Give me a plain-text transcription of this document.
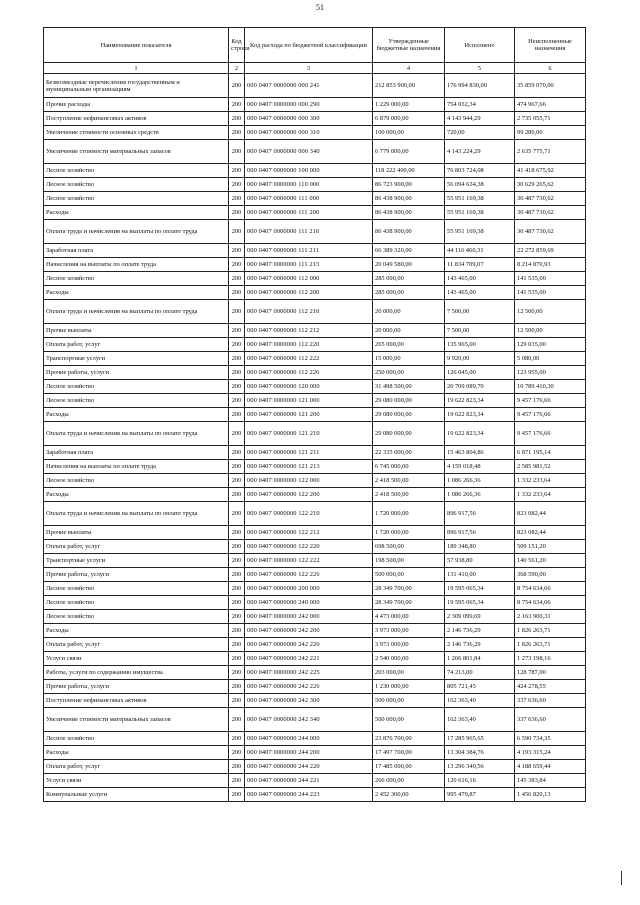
51
Наименование показателя	Код строки	Код расхода по бюджетной классификации	Утвержденные бюджетные назначения	Исполнено	Неисполненные назначения
1	2	3	4	5	6
Безвозмездные перечисления государственным и муниципальным организациям	200	000 0407 0000000 000 241	212 853 900,00	176 994 830,00	35 859 070,00
Прочие расходы	200	000 0407 0000000 000 290	1 229 000,00	754 032,34	474 967,66
Поступление нефинансовых активов	200	000 0407 0000000 000 300	6 879 000,00	4 143 944,29	2 735 055,71
Увеличение стоимости основных средств	200	000 0407 0000000 000 310	100 000,00	720,00	99 280,00
Увеличение стоимости материальных запасов	200	000 0407 0000000 000 340	6 779 000,00	4 143 224,29	2 635 775,71
Лесное хозяйство	200	000 0407 0000000 100 000	118 222 400,00	76 803 724,08	41 418 675,92
Лесное хозяйство	200	000 0407 0000000 110 000	86 723 900,00	56 094 634,38	30 629 265,62
Лесное хозяйство	200	000 0407 0000000 111 000	86 438 900,00	55 951 169,38	30 487 730,62
Расходы	200	000 0407 0000000 111 200	86 438 900,00	55 951 169,38	30 487 730,62
Оплата труда и начисления на выплаты по оплате труда	200	000 0407 0000000 111 210	86 438 900,00	55 951 169,38	30 487 730,62
Заработная плата	200	000 0407 0000000 111 211	66 389 320,00	44 116 460,31	22 272 859,69
Начисления на выплаты по оплате труда	200	000 0407 0000000 111 213	20 049 580,00	11 834 709,07	8 214 870,93
Лесное хозяйство	200	000 0407 0000000 112 000	285 000,00	143 465,00	141 535,00
Расходы	200	000 0407 0000000 112 200	285 000,00	143 465,00	141 535,00
Оплата труда и начисления на выплаты по оплате труда	200	000 0407 0000000 112 210	20 000,00	7 500,00	12 500,00
Прочие выплаты	200	000 0407 0000000 112 212	20 000,00	7 500,00	12 500,00
Оплата работ, услуг	200	000 0407 0000000 112 220	265 000,00	135 965,00	129 035,00
Транспортные услуги	200	000 0407 0000000 112 222	15 000,00	9 920,00	5 080,00
Прочие работы, услуги	200	000 0407 0000000 112 226	250 000,00	126 045,00	123 955,00
Лесное хозяйство	200	000 0407 0000000 120 000	31 498 500,00	20 709 089,70	10 789 410,30
Лесное хозяйство	200	000 0407 0000000 121 000	29 080 000,00	19 622 823,34	9 457 176,66
Расходы	200	000 0407 0000000 121 200	29 080 000,00	19 622 823,34	9 457 176,66
Оплата труда и начисления на выплаты по оплате труда	200	000 0407 0000000 121 210	29 080 000,00	19 622 823,34	9 457 176,66
Заработная плата	200	000 0407 0000000 121 211	22 335 000,00	15 463 804,86	6 871 195,14
Начисления на выплаты по оплате труда	200	000 0407 0000000 121 213	6 745 000,00	4 159 018,48	2 585 981,52
Лесное хозяйство	200	000 0407 0000000 122 000	2 418 500,00	1 086 266,36	1 332 233,64
Расходы	200	000 0407 0000000 122 200	2 418 500,00	1 086 266,36	1 332 233,64
Оплата труда и начисления на выплаты по оплате труда	200	000 0407 0000000 122 210	1 720 000,00	896 917,56	823 082,44
Прочие выплаты	200	000 0407 0000000 122 212	1 720 000,00	896 917,56	823 082,44
Оплата работ, услуг	200	000 0407 0000000 122 220	698 500,00	189 348,80	509 151,20
Транспортные услуги	200	000 0407 0000000 122 222	198 500,00	57 938,80	140 561,20
Прочие работы, услуги	200	000 0407 0000000 122 226	500 000,00	131 410,00	368 590,00
Лесное хозяйство	200	000 0407 0000000 200 000	28 349 700,00	19 595 065,34	8 754 634,66
Лесное хозяйство	200	000 0407 0000000 240 000	28 349 700,00	19 595 065,34	8 754 634,66
Лесное хозяйство	200	000 0407 0000000 242 000	4 473 000,00	2 309 099,69	2 163 900,31
Расходы	200	000 0407 0000000 242 200	3 973 000,00	2 146 736,29	1 826 263,71
Оплата работ, услуг	200	000 0407 0000000 242 220	3 973 000,00	2 146 736,29	1 826 263,71
Услуги связи	200	000 0407 0000000 242 221	2 540 000,00	1 266 801,84	1 273 198,16
Работы, услуги по содержанию имущества	200	000 0407 0000000 242 225	203 000,00	74 213,00	128 787,00
Прочие работы, услуги	200	000 0407 0000000 242 226	1 230 000,00	805 721,45	424 278,55
Поступление нефинансовых активов	200	000 0407 0000000 242 300	500 000,00	162 363,40	337 636,60
Увеличение стоимости материальных запасов	200	000 0407 0000000 242 340	500 000,00	162 363,40	337 636,60
Лесное хозяйство	200	000 0407 0000000 244 000	23 876 700,00	17 285 965,65	6 590 734,35
Расходы	200	000 0407 0000000 244 200	17 497 700,00	13 304 384,76	4 193 315,24
Оплата работ, услуг	200	000 0407 0000000 244 220	17 485 000,00	13 296 340,56	4 188 659,44
Услуги связи	200	000 0407 0000000 244 221	266 000,00	120 616,16	145 383,84
Коммунальные услуги	200	000 0407 0000000 244 223	2 452 300,00	995 479,87	1 456 820,13
